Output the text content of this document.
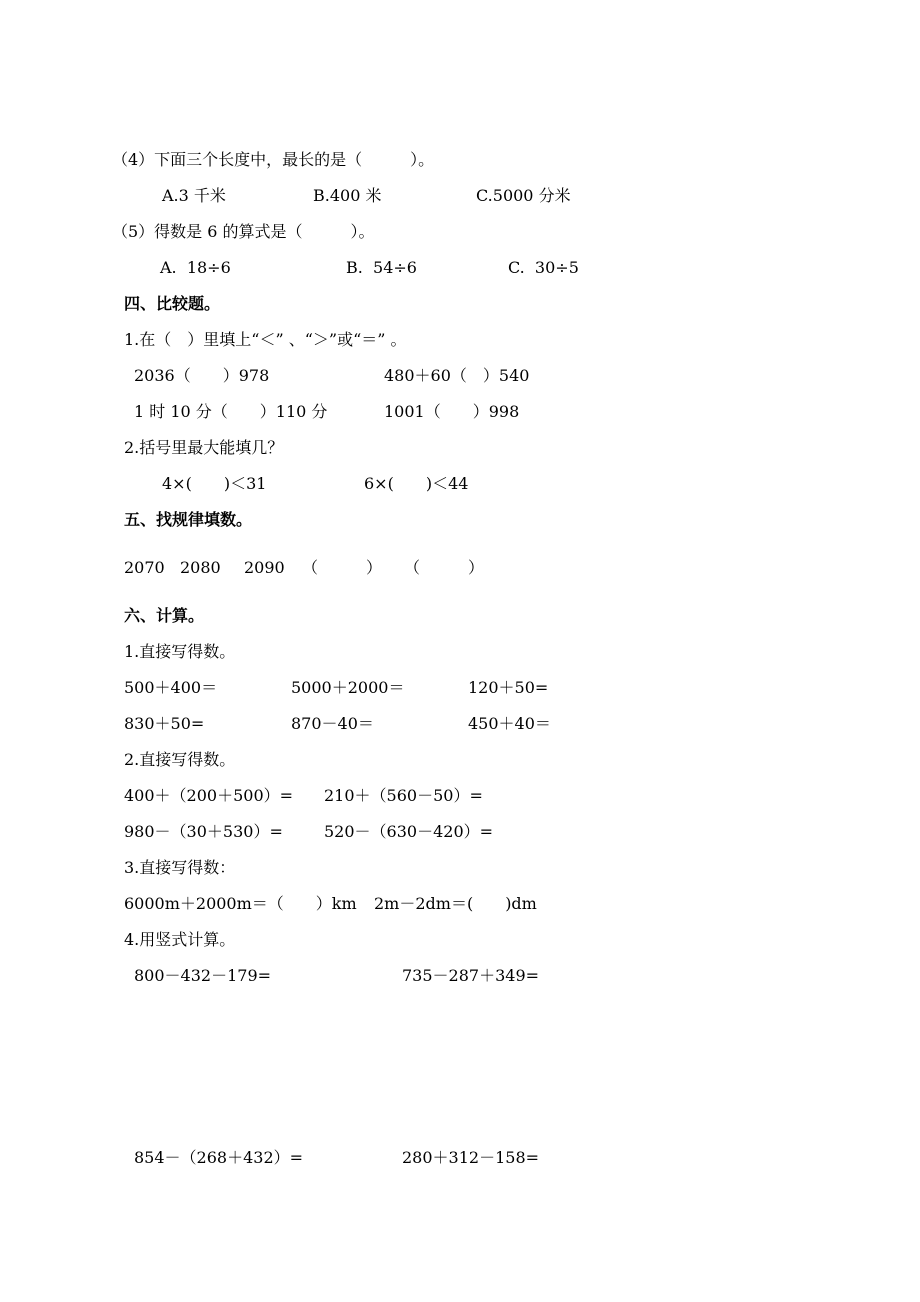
（4）下面三个长度中，最长的是（　　　）。
A.3 千米	B.400 米	C.5000 分米
（5）得数是 6 的算式是（　　　）。
A.  18÷6	B.  54÷6	C.  30÷5
四、比较题。
1.在（　）里填上“＜” 、“＞”或“＝” 。
2036（　　）978	480＋60（　）540
1 时 10 分（　　）110 分	1001（　　）998
2.括号里最大能填几？
4×(　　)＜31	6×(　　)＜44
五、找规律填数。
2070 2080 2090 （　　　） （　　　）
六、计算。
1.直接写得数。
500＋400＝	5000＋2000＝	120＋50=
830＋50=	870－40＝	450＋40＝
2.直接写得数。
400＋（200＋500）= 210＋（560－50）=
980－（30＋530）=	520－（630－420）=
3.直接写得数：
6000m＋2000m＝（　　）km 2m－2dm＝(　　)dm
4.用竖式计算。
800－432－179=	735－287＋349=
854－（268＋432）=	280＋312－158=
